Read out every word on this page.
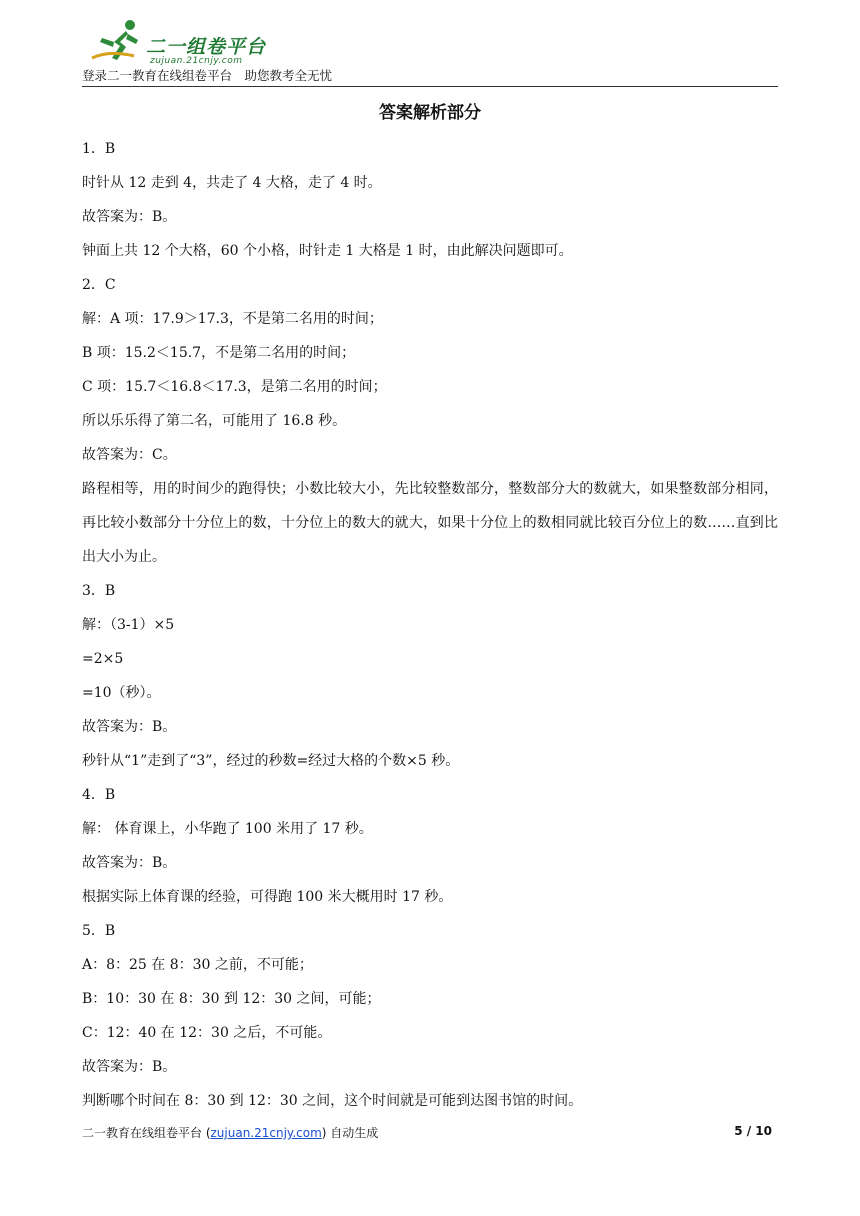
二一组卷平台
zujuan.21cnjy.com
登录二一教育在线组卷平台　助您教考全无忧
答案解析部分
1．B
时针从 12 走到 4，共走了 4 大格，走了 4 时。
故答案为：B。
钟面上共 12 个大格，60 个小格，时针走 1 大格是 1 时，由此解决问题即可。
2．C
解：A 项：17.9＞17.3，不是第二名用的时间；
B 项：15.2＜15.7，不是第二名用的时间；
C 项：15.7＜16.8＜17.3，是第二名用的时间；
所以乐乐得了第二名，可能用了 16.8 秒。
故答案为：C。
路程相等，用的时间少的跑得快；小数比较大小，先比较整数部分，整数部分大的数就大，如果整数部分相同，再比较小数部分十分位上的数，十分位上的数大的就大，如果十分位上的数相同就比较百分位上的数……直到比出大小为止。
3．B
解：（3-1）×5
=2×5
=10（秒）。
故答案为：B。
秒针从“1”走到了“3”，经过的秒数=经过大格的个数×5 秒。
4．B
解： 体育课上，小华跑了 100 米用了 17 秒。
故答案为：B。
根据实际上体育课的经验，可得跑 100 米大概用时 17 秒。
5．B
A：8：25 在 8：30 之前，不可能；
B：10：30 在 8：30 到 12：30 之间，可能；
C：12：40 在 12：30 之后，不可能。
故答案为：B。
判断哪个时间在 8：30 到 12：30 之间，这个时间就是可能到达图书馆的时间。
二一教育在线组卷平台 (zujuan.21cnjy.com) 自动生成	5 / 10
